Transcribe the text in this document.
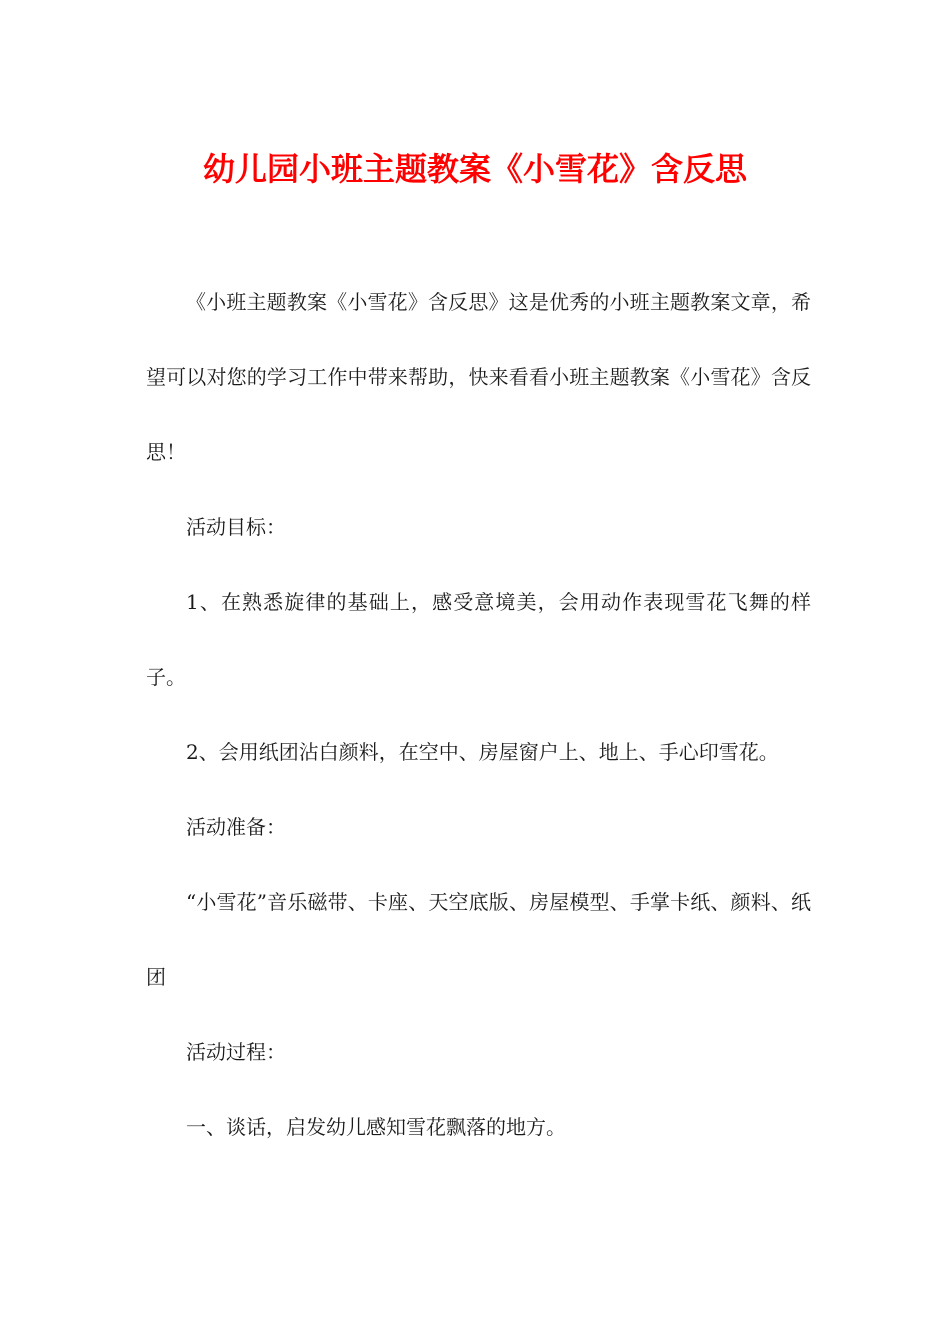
幼儿园小班主题教案《小雪花》含反思

《小班主题教案《小雪花》含反思》这是优秀的小班主题教案文章，希望可以对您的学习工作中带来帮助，快来看看小班主题教案《小雪花》含反思！

活动目标：

1、在熟悉旋律的基础上，感受意境美，会用动作表现雪花飞舞的样子。

2、会用纸团沾白颜料，在空中、房屋窗户上、地上、手心印雪花。

活动准备：

“小雪花”音乐磁带、卡座、天空底版、房屋模型、手掌卡纸、颜料、纸团

活动过程：

一、谈话，启发幼儿感知雪花飘落的地方。
